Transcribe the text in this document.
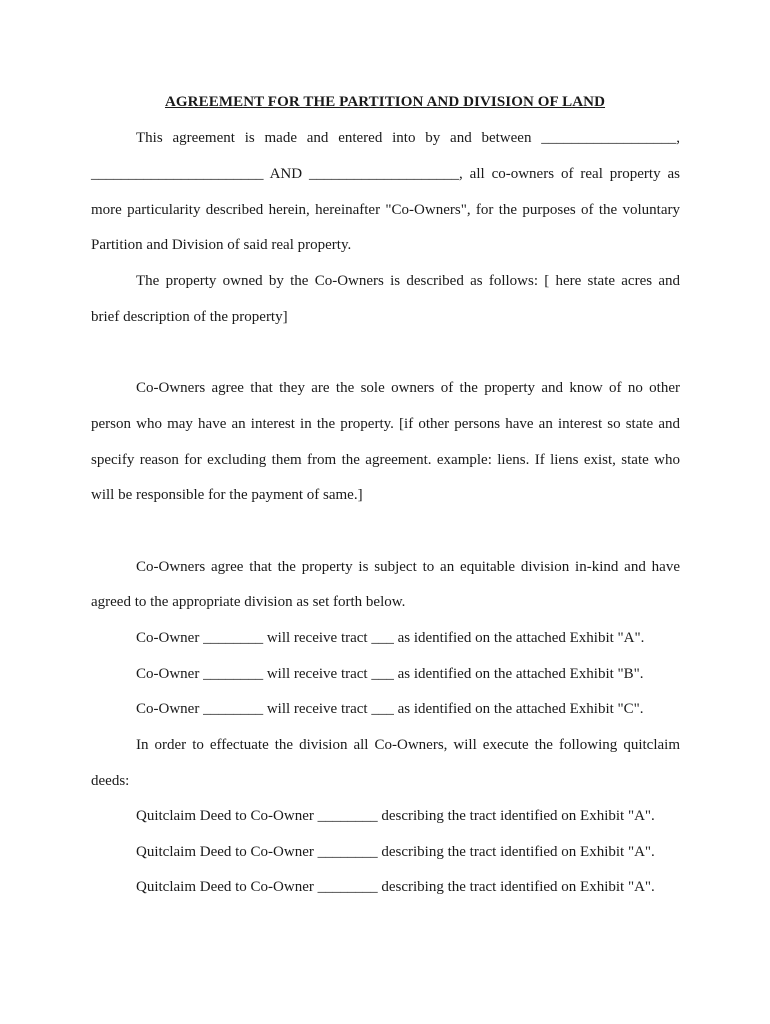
AGREEMENT FOR THE PARTITION AND DIVISION OF LAND
This agreement is made and entered into by and between __________________,
_______________________ AND ____________________, all co-owners of real property as
more particularity described herein, hereinafter "Co-Owners", for the purposes of the voluntary
Partition and Division of said real property.
The property owned by the Co-Owners is described as follows: [ here state acres and
brief description of the property]
Co-Owners agree that they are the sole owners of the property and know of no other
person who may have an interest in the property. [if other persons have an interest so state and
specify reason for excluding them from the agreement. example: liens. If liens exist, state who
will be responsible for the payment of same.]
Co-Owners agree that the property is subject to an equitable division in-kind and have
agreed to the appropriate division as set forth below.
Co-Owner ________ will receive tract ___ as identified on the attached Exhibit "A".
Co-Owner ________ will receive tract ___ as identified on the attached Exhibit "B".
Co-Owner ________ will receive tract ___ as identified on the attached Exhibit "C".
In order to effectuate the division all Co-Owners, will execute the following quitclaim
deeds:
Quitclaim Deed to Co-Owner ________ describing the tract identified on Exhibit "A".
Quitclaim Deed to Co-Owner ________ describing the tract identified on Exhibit "A".
Quitclaim Deed to Co-Owner ________ describing the tract identified on Exhibit "A".
